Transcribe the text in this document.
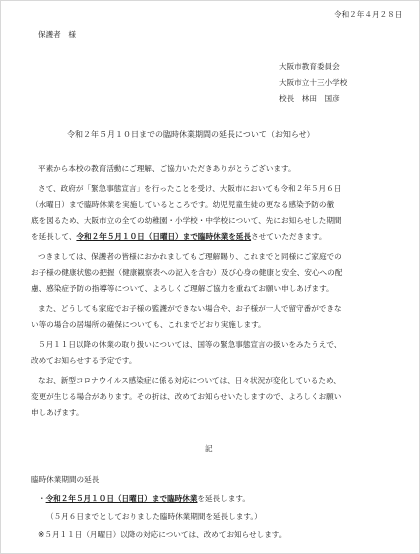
令和２年４月２８日
保護者　様
大阪市教育委員会
大阪市立十三小学校
校長　林田　国彦
令和２年５月１０日までの臨時休業期間の延長について（お知らせ）
平素から本校の教育活動にご理解、ご協力いただきありがとうございます。
さて、政府が「緊急事態宣言」を行ったことを受け、大阪市においても令和２年５月６日
（水曜日）まで臨時休業を実施しているところです。幼児児童生徒の更なる感染予防の徹
底を図るため、大阪市立の全ての幼稚園・小学校・中学校について、先にお知らせした期間
を延長して、令和２年５月１０日（日曜日）まで臨時休業を延長させていただきます。
つきましては、保護者の皆様におかれましてもご理解賜り、これまでと同様にご家庭での
お子様の健康状態の把握（健康観察表への記入を含む）及び心身の健康と安全、安心への配
慮、感染症予防の指導等について、よろしくご理解ご協力を重ねてお願い申しあげます。
また、どうしても家庭でお子様の監護ができない場合や、お子様が一人で留守番ができな
い等の場合の居場所の確保についても、これまでどおり実施します。
５月１１日以降の休業の取り扱いについては、国等の緊急事態宣言の扱いをみたうえで、
改めてお知らせする予定です。
なお、新型コロナウイルス感染症に係る対応については、日々状況が変化しているため、
変更が生じる場合があります。その折は、改めてお知らせいたしますので、よろしくお願い
申しあげます。
記
臨時休業期間の延長
・令和２年５月１０日（日曜日）まで臨時休業を延長します。
（５月６日までとしておりました臨時休業期間を延長します。）
※５月１１日（月曜日）以降の対応については、改めてお知らせします。
